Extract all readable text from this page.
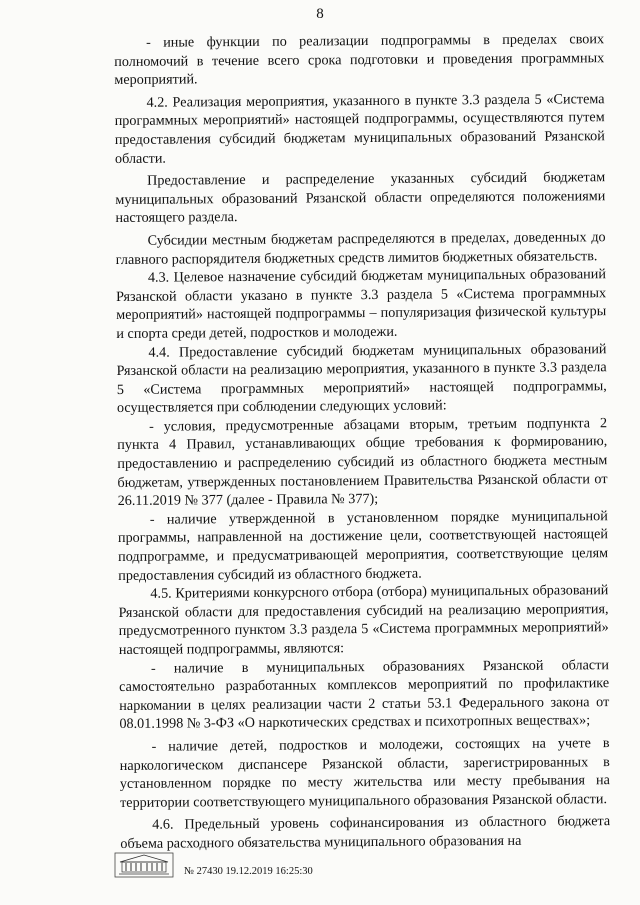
8

- иные функции по реализации подпрограммы в пределах своих полномочий в течение всего срока подготовки и проведения программных мероприятий.

4.2. Реализация мероприятия, указанного в пункте 3.3 раздела 5 «Система программных мероприятий» настоящей подпрограммы, осуществляются путем предоставления субсидий бюджетам муниципальных образований Рязанской области.

Предоставление и распределение указанных субсидий бюджетам муниципальных образований Рязанской области определяются положениями настоящего раздела.

Субсидии местным бюджетам распределяются в пределах, доведенных до главного распорядителя бюджетных средств лимитов бюджетных обязательств.

4.3. Целевое назначение субсидий бюджетам муниципальных образований Рязанской области указано в пункте 3.3 раздела 5 «Система программных мероприятий» настоящей подпрограммы – популяризация физической культуры и спорта среди детей, подростков и молодежи.

4.4. Предоставление субсидий бюджетам муниципальных образований Рязанской области на реализацию мероприятия, указанного в пункте 3.3 раздела 5 «Система программных мероприятий» настоящей подпрограммы, осуществляется при соблюдении следующих условий:

- условия, предусмотренные абзацами вторым, третьим подпункта 2 пункта 4 Правил, устанавливающих общие требования к формированию, предоставлению и распределению субсидий из областного бюджета местным бюджетам, утвержденных постановлением Правительства Рязанской области от 26.11.2019 № 377 (далее - Правила № 377);

- наличие утвержденной в установленном порядке муниципальной программы, направленной на достижение цели, соответствующей настоящей подпрограмме, и предусматривающей мероприятия, соответствующие целям предоставления субсидий из областного бюджета.

4.5. Критериями конкурсного отбора (отбора) муниципальных образований Рязанской области для предоставления субсидий на реализацию мероприятия, предусмотренного пунктом 3.3 раздела 5 «Система программных мероприятий» настоящей подпрограммы, являются:

- наличие в муниципальных образованиях Рязанской области самостоятельно разработанных комплексов мероприятий по профилактике наркомании в целях реализации части 2 статьи 53.1 Федерального закона от 08.01.1998 № 3-ФЗ «О наркотических средствах и психотропных веществах»;

- наличие детей, подростков и молодежи, состоящих на учете в наркологическом диспансере Рязанской области, зарегистрированных в установленном порядке по месту жительства или месту пребывания на территории соответствующего муниципального образования Рязанской области.

4.6. Предельный уровень софинансирования из областного бюджета объема расходного обязательства муниципального образования на

№ 27430 19.12.2019 16:25:30
